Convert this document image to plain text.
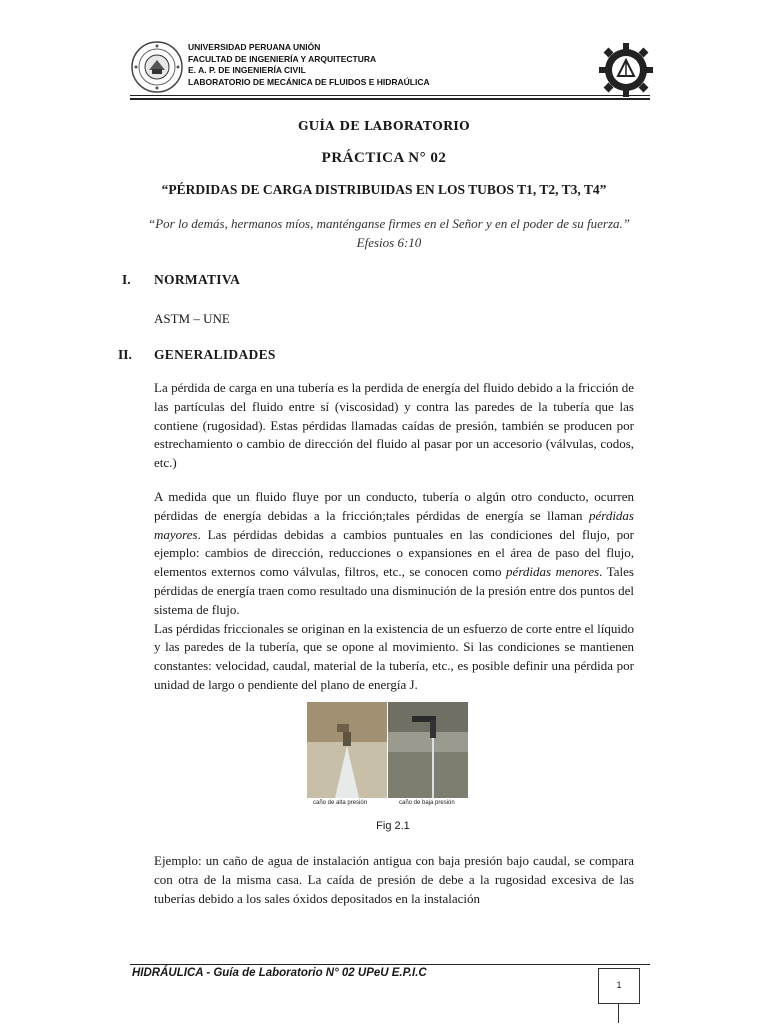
UNIVERSIDAD PERUANA UNIÓN
FACULTAD DE INGENIERÍA Y ARQUITECTURA
E. A. P. DE INGENIERÍA CIVIL
LABORATORIO DE MECÁNICA DE FLUIDOS E HIDRAÚLICA
GUÍA DE LABORATORIO
PRÁCTICA N° 02
“PÉRDIDAS DE CARGA DISTRIBUIDAS EN LOS TUBOS T1, T2, T3, T4”
“Por lo demás, hermanos míos, manténganse firmes en el Señor y en el poder de su fuerza.”
Efesios 6:10
I. NORMATIVA
ASTM – UNE
II. GENERALIDADES

La pérdida de carga en una tubería es la perdida de energía del fluido debido a la fricción de las partículas del fluido entre sí (viscosidad) y contra las paredes de la tubería que las contiene (rugosidad). Estas pérdidas llamadas caídas de presión, también se producen por estrechamiento o cambio de dirección del fluido al pasar por un accesorio (válvulas, codos, etc.)

A medida que un fluido fluye por un conducto, tubería o algún otro conducto, ocurren pérdidas de energía debidas a la fricción;tales pérdidas de energía se llaman pérdidas mayores. Las pérdidas debidas a cambios puntuales en las condiciones del flujo, por ejemplo: cambios de dirección, reducciones o expansiones en el área de paso del flujo, elementos externos como válvulas, filtros, etc., se conocen como pérdidas menores. Tales pérdidas de energía traen como resultado una disminución de la presión entre dos puntos del sistema de flujo.

Las pérdidas friccionales se originan en la existencia de un esfuerzo de corte entre el líquido y las paredes de la tubería, que se opone al movimiento. Si las condiciones se mantienen constantes: velocidad, caudal, material de la tubería, etc., es posible definir una pérdida por unidad de largo o pendiente del plano de energía J.

caño de alta presión	caño de baja presión
Fig 2.1

Ejemplo: un caño de agua de instalación antigua con baja presión bajo caudal, se compara con otra de la misma casa. La caída de presión de debe a la rugosidad excesiva de las tuberías debido a los sales óxidos depositados en la instalación

HIDRÁULICA - Guía de Laboratorio N° 02 UPeU E.P.I.C
1
